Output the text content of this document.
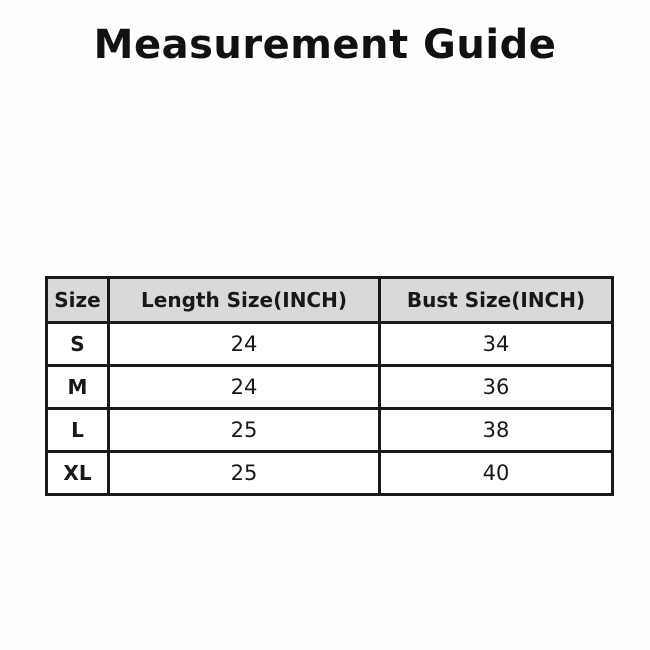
Measurement Guide
Size	Length Size(INCH)	Bust Size(INCH)
S	24	34
M	24	36
L	25	38
XL	25	40
